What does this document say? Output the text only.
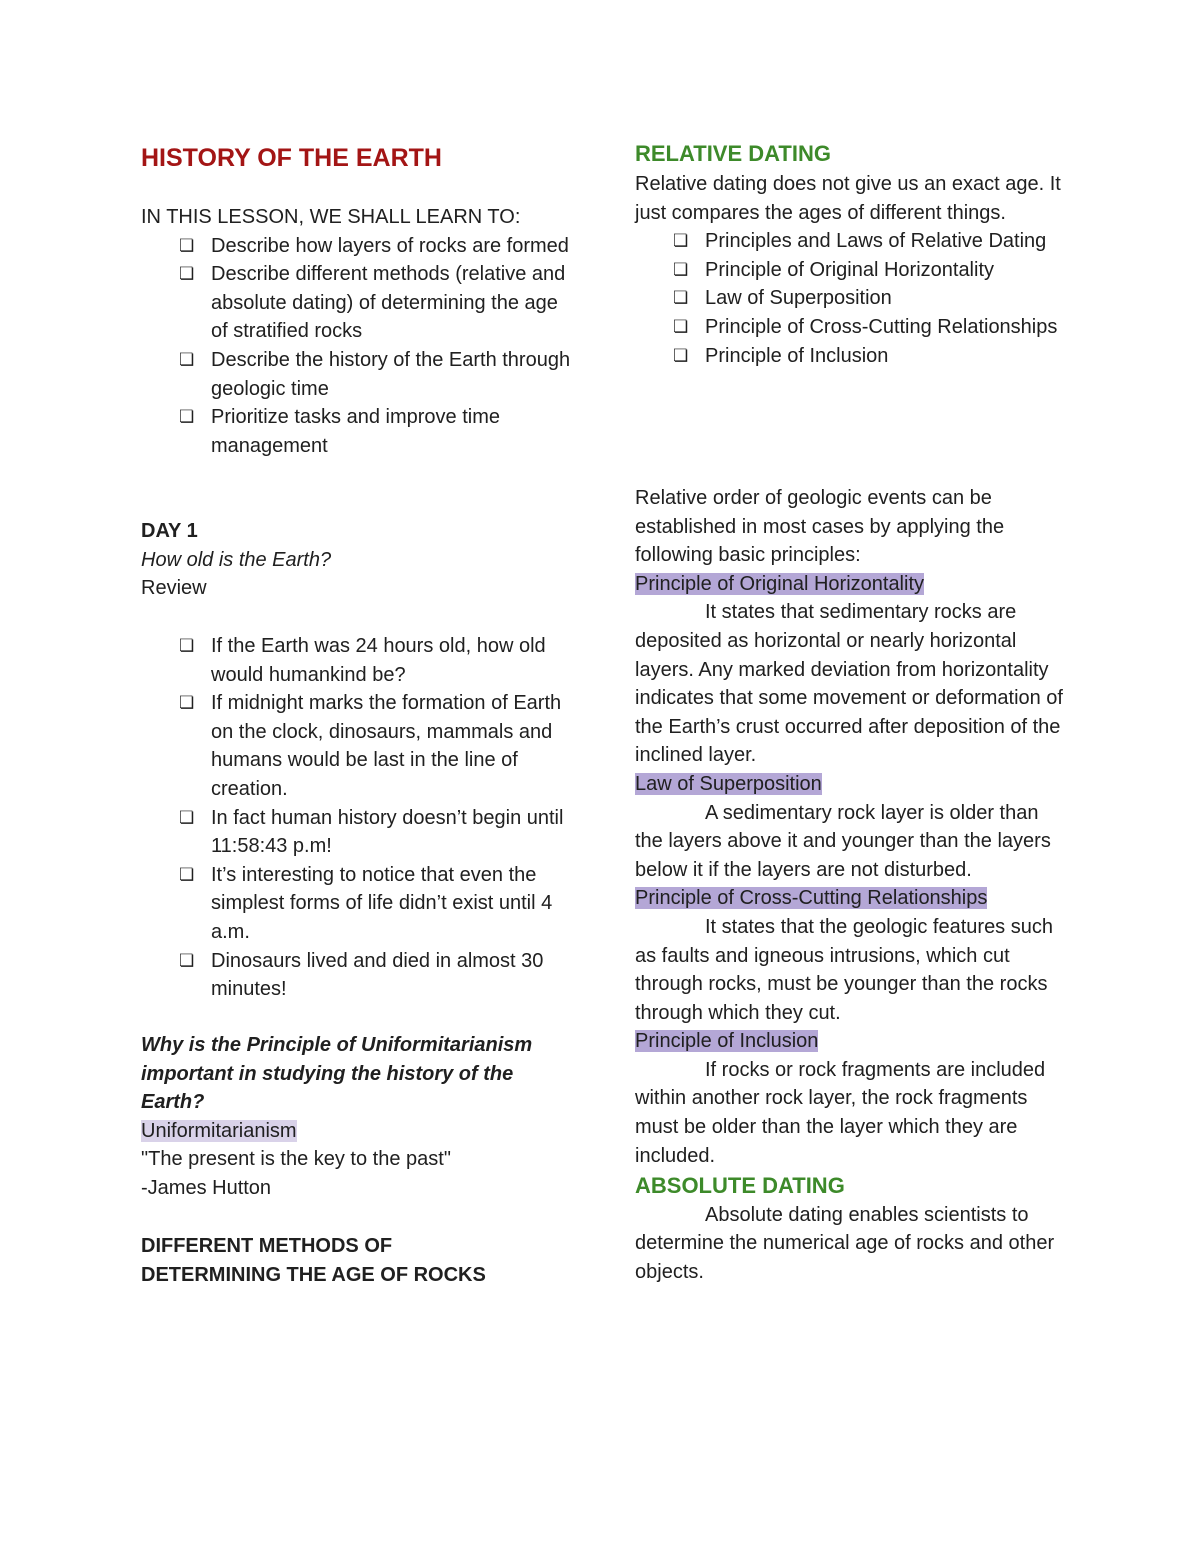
HISTORY OF THE EARTH
IN THIS LESSON, WE SHALL LEARN TO:
❏ Describe how layers of rocks are formed
❏ Describe different methods (relative and absolute dating) of determining the age of stratified rocks
❏ Describe the history of the Earth through geologic time
❏ Prioritize tasks and improve time management
DAY 1
How old is the Earth?
Review
❏ If the Earth was 24 hours old, how old would humankind be?
❏ If midnight marks the formation of Earth on the clock, dinosaurs, mammals and humans would be last in the line of creation.
❏ In fact human history doesn’t begin until 11:58:43 p.m!
❏ It’s interesting to notice that even the simplest forms of life didn’t exist until 4 a.m.
❏ Dinosaurs lived and died in almost 30 minutes!
Why is the Principle of Uniformitarianism important in studying the history of the Earth?
Uniformitarianism
"The present is the key to the past"
-James Hutton
DIFFERENT METHODS OF
DETERMINING THE AGE OF ROCKS
RELATIVE DATING
Relative dating does not give us an exact age. It just compares the ages of different things.
❏ Principles and Laws of Relative Dating
❏ Principle of Original Horizontality
❏ Law of Superposition
❏ Principle of Cross-Cutting Relationships
❏ Principle of Inclusion
Relative order of geologic events can be established in most cases by applying the following basic principles:
Principle of Original Horizontality
It states that sedimentary rocks are deposited as horizontal or nearly horizontal layers. Any marked deviation from horizontality indicates that some movement or deformation of the Earth’s crust occurred after deposition of the inclined layer.
Law of Superposition
A sedimentary rock layer is older than the layers above it and younger than the layers below it if the layers are not disturbed.
Principle of Cross-Cutting Relationships
It states that the geologic features such as faults and igneous intrusions, which cut through rocks, must be younger than the rocks through which they cut.
Principle of Inclusion
If rocks or rock fragments are included within another rock layer, the rock fragments must be older than the layer which they are included.
ABSOLUTE DATING
Absolute dating enables scientists to determine the numerical age of rocks and other objects.
